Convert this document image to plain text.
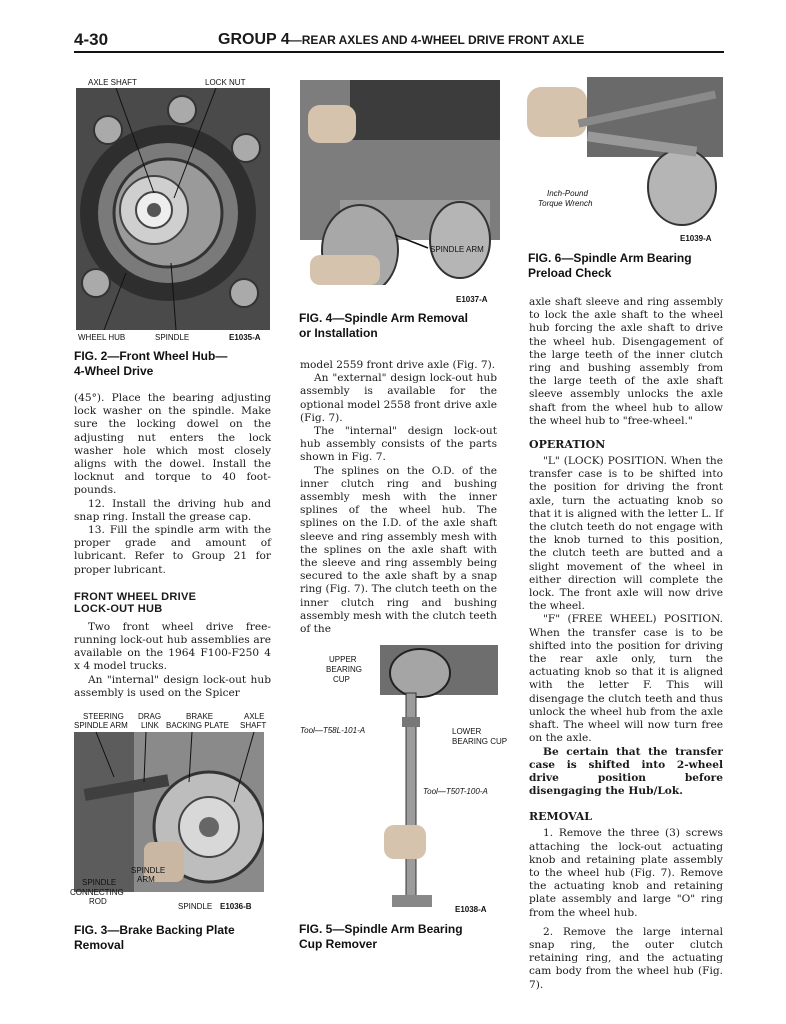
4-30	GROUP 4—REAR AXLES AND 4-WHEEL DRIVE FRONT AXLE
AXLE SHAFT	LOCK NUT
WHEEL HUB	SPINDLE	E1035-A
FIG. 2—Front Wheel Hub—
4-Wheel Drive

(45°). Place the bearing adjusting lock washer on the spindle. Make sure the locking dowel on the adjusting nut enters the lock washer hole which most closely aligns with the dowel. Install the locknut and torque to 40 foot-pounds.

12. Install the driving hub and snap ring. Install the grease cap.

13. Fill the spindle arm with the proper grade and amount of lubricant. Refer to Group 21 for proper lubricant.

FRONT WHEEL DRIVE
LOCK-OUT HUB

Two front wheel drive free-running lock-out hub assemblies are available on the 1964 F100-F250 4 x 4 model trucks.

An "internal" design lock-out hub assembly is used on the Spicer

STEERING
SPINDLE ARM
DRAG
LINK
BRAKE
BACKING PLATE
AXLE
SHAFT
SPINDLE
ARM
SPINDLE
CONNECTING
ROD
SPINDLE E1036-B
FIG. 3—Brake Backing Plate
Removal
SPINDLE ARM
E1037-A
FIG. 4—Spindle Arm Removal
or Installation

model 2559 front drive axle (Fig. 7).

An "external" design lock-out hub assembly is available for the optional model 2558 front drive axle (Fig. 7).

The "internal" design lock-out hub assembly consists of the parts shown in Fig. 7.

The splines on the O.D. of the inner clutch ring and bushing assembly mesh with the inner splines of the wheel hub. The splines on the I.D. of the axle shaft sleeve and ring assembly mesh with the splines on the axle shaft with the sleeve and ring assembly being secured to the axle shaft by a snap ring (Fig. 7). The clutch teeth on the inner clutch ring and bushing assembly mesh with the clutch teeth of the

UPPER
BEARING
CUP
Tool—T58L-101-A	LOWER
BEARING CUP
Tool—T50T-100-A
E1038-A
FIG. 5—Spindle Arm Bearing
Cup Remover
Inch-Pound
Torque Wrench
E1039-A
FIG. 6—Spindle Arm Bearing
Preload Check

axle shaft sleeve and ring assembly to lock the axle shaft to the wheel hub forcing the axle shaft to drive the wheel hub. Disengagement of the large teeth of the inner clutch ring and bushing assembly from the large teeth of the axle shaft sleeve assembly unlocks the axle shaft from the wheel hub to allow the wheel hub to "free-wheel."

OPERATION

"L" (LOCK) POSITION. When the transfer case is to be shifted into the position for driving the front axle, turn the actuating knob so that it is aligned with the letter L. If the clutch teeth do not engage with the knob turned to this position, the clutch teeth are butted and a slight movement of the wheel in either direction will complete the lock. The front axle will now drive the wheel.

"F" (FREE WHEEL) POSITION. When the transfer case is to be shifted into the position for driving the rear axle only, turn the actuating knob so that it is aligned with the letter F. This will disengage the clutch teeth and thus unlock the wheel hub from the axle shaft. The wheel will now turn free on the axle.

Be certain that the transfer case is shifted into 2-wheel drive position before disengaging the Hub/Lok.

REMOVAL

1. Remove the three (3) screws attaching the lock-out actuating knob and retaining plate assembly to the wheel hub (Fig. 7). Remove the actuating knob and retaining plate assembly and large "O" ring from the wheel hub.

2. Remove the large internal snap ring, the outer clutch retaining ring, and the actuating cam body from the wheel hub (Fig. 7).
